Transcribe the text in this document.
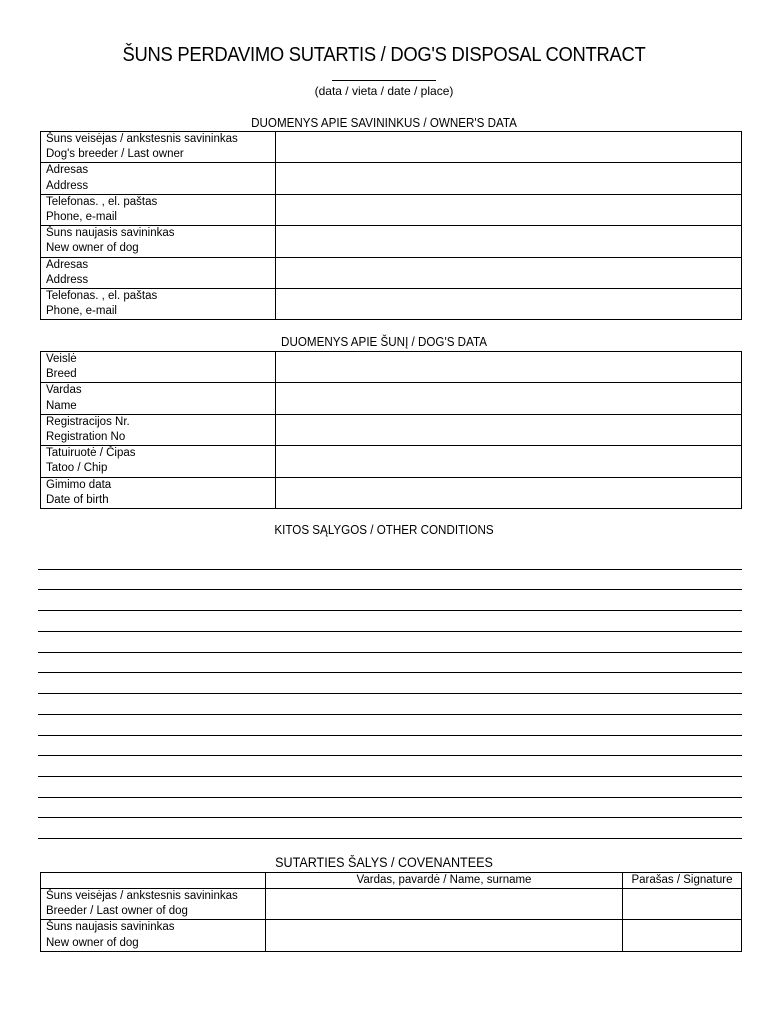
ŠUNS PERDAVIMO SUTARTIS / DOG'S DISPOSAL CONTRACT
(data / vieta / date / place)
DUOMENYS APIE SAVININKUS / OWNER'S DATA
Šuns veisėjas / ankstesnis savininkas
Dog's breeder / Last owner	

Adresas
Address	

Telefonas. , el. paštas
Phone, e-mail	

Šuns naujasis savininkas
New owner of dog	

Adresas
Address	

Telefonas. , el. paštas
Phone, e-mail	

DUOMENYS APIE ŠUNĮ / DOG'S DATA
Veislė
Breed	

Vardas
Name	

Registracijos Nr.
Registration No	

Tatuiruotė / Čipas
Tatoo / Chip	

Gimimo data
Date of birth	

KITOS SĄLYGOS / OTHER CONDITIONS
SUTARTIES ŠALYS / COVENANTEES
	Vardas, pavardė / Name, surname	Parašas / Signature

Šuns veisėjas / ankstesnis savininkas
Breeder / Last owner of dog		

Šuns naujasis savininkas
New owner of dog		
